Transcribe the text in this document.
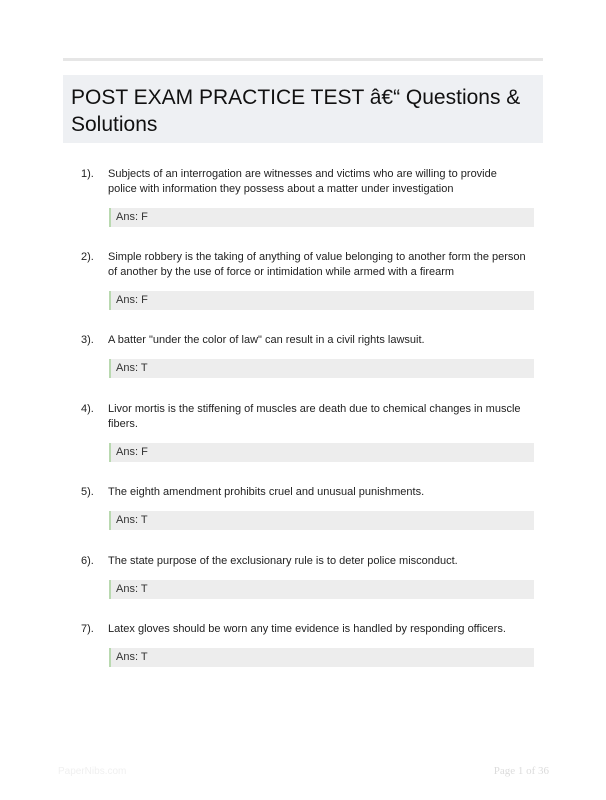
POST EXAM PRACTICE TEST â€“ Questions & Solutions
1). Subjects of an interrogation are witnesses and victims who are willing to provide police with information they possess about a matter under investigation
Ans: F
2). Simple robbery is the taking of anything of value belonging to another form the person of another by the use of force or intimidation while armed with a firearm
Ans: F
3). A batter "under the color of law" can result in a civil rights lawsuit.
Ans: T
4). Livor mortis is the stiffening of muscles are death due to chemical changes in muscle fibers.
Ans: F
5). The eighth amendment prohibits cruel and unusual punishments.
Ans: T
6). The state purpose of the exclusionary rule is to deter police misconduct.
Ans: T
7). Latex gloves should be worn any time evidence is handled by responding officers.
Ans: T
PaperNibs.com	Page 1 of 36
